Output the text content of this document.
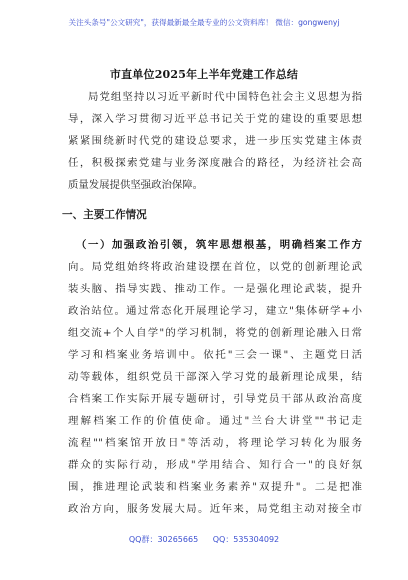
关注头条号"公文研究"，获得最新最全最专业的公文资料库！ 微信：gongwenyj
市直单位2025年上半年党建工作总结
局党组坚持以习近平新时代中国特色社会主义思想为指
导，深入学习贯彻习近平总书记关于党的建设的重要思想
紧紧围绕新时代党的建设总要求，进一步压实党建主体责
任，积极探索党建与业务深度融合的路径，为经济社会高
质量发展提供坚强政治保障。
一、主要工作情况
（一）加强政治引领，筑牢思想根基，明确档案工作方
向。局党组始终将政治建设摆在首位，以党的创新理论武
装头脑、指导实践、推动工作。一是强化理论武装，提升
政治站位。通过常态化开展理论学习，建立"集体研学+小
组交流+个人自学"的学习机制，将党的创新理论融入日常
学习和档案业务培训中。依托"三会一课"、主题党日活
动等载体，组织党员干部深入学习党的最新理论成果，结
合档案工作实际开展专题研讨，引导党员干部从政治高度
理解档案工作的价值使命。通过"兰台大讲堂""书记走
流程""档案馆开放日"等活动，将理论学习转化为服务
群众的实际行动，形成"学用结合、知行合一"的良好氛
围，推进理论武装和档案业务素养"双提升"。二是把准
政治方向，服务发展大局。近年来，局党组主动对接全市
QQ群：30265665 QQ：535304092
